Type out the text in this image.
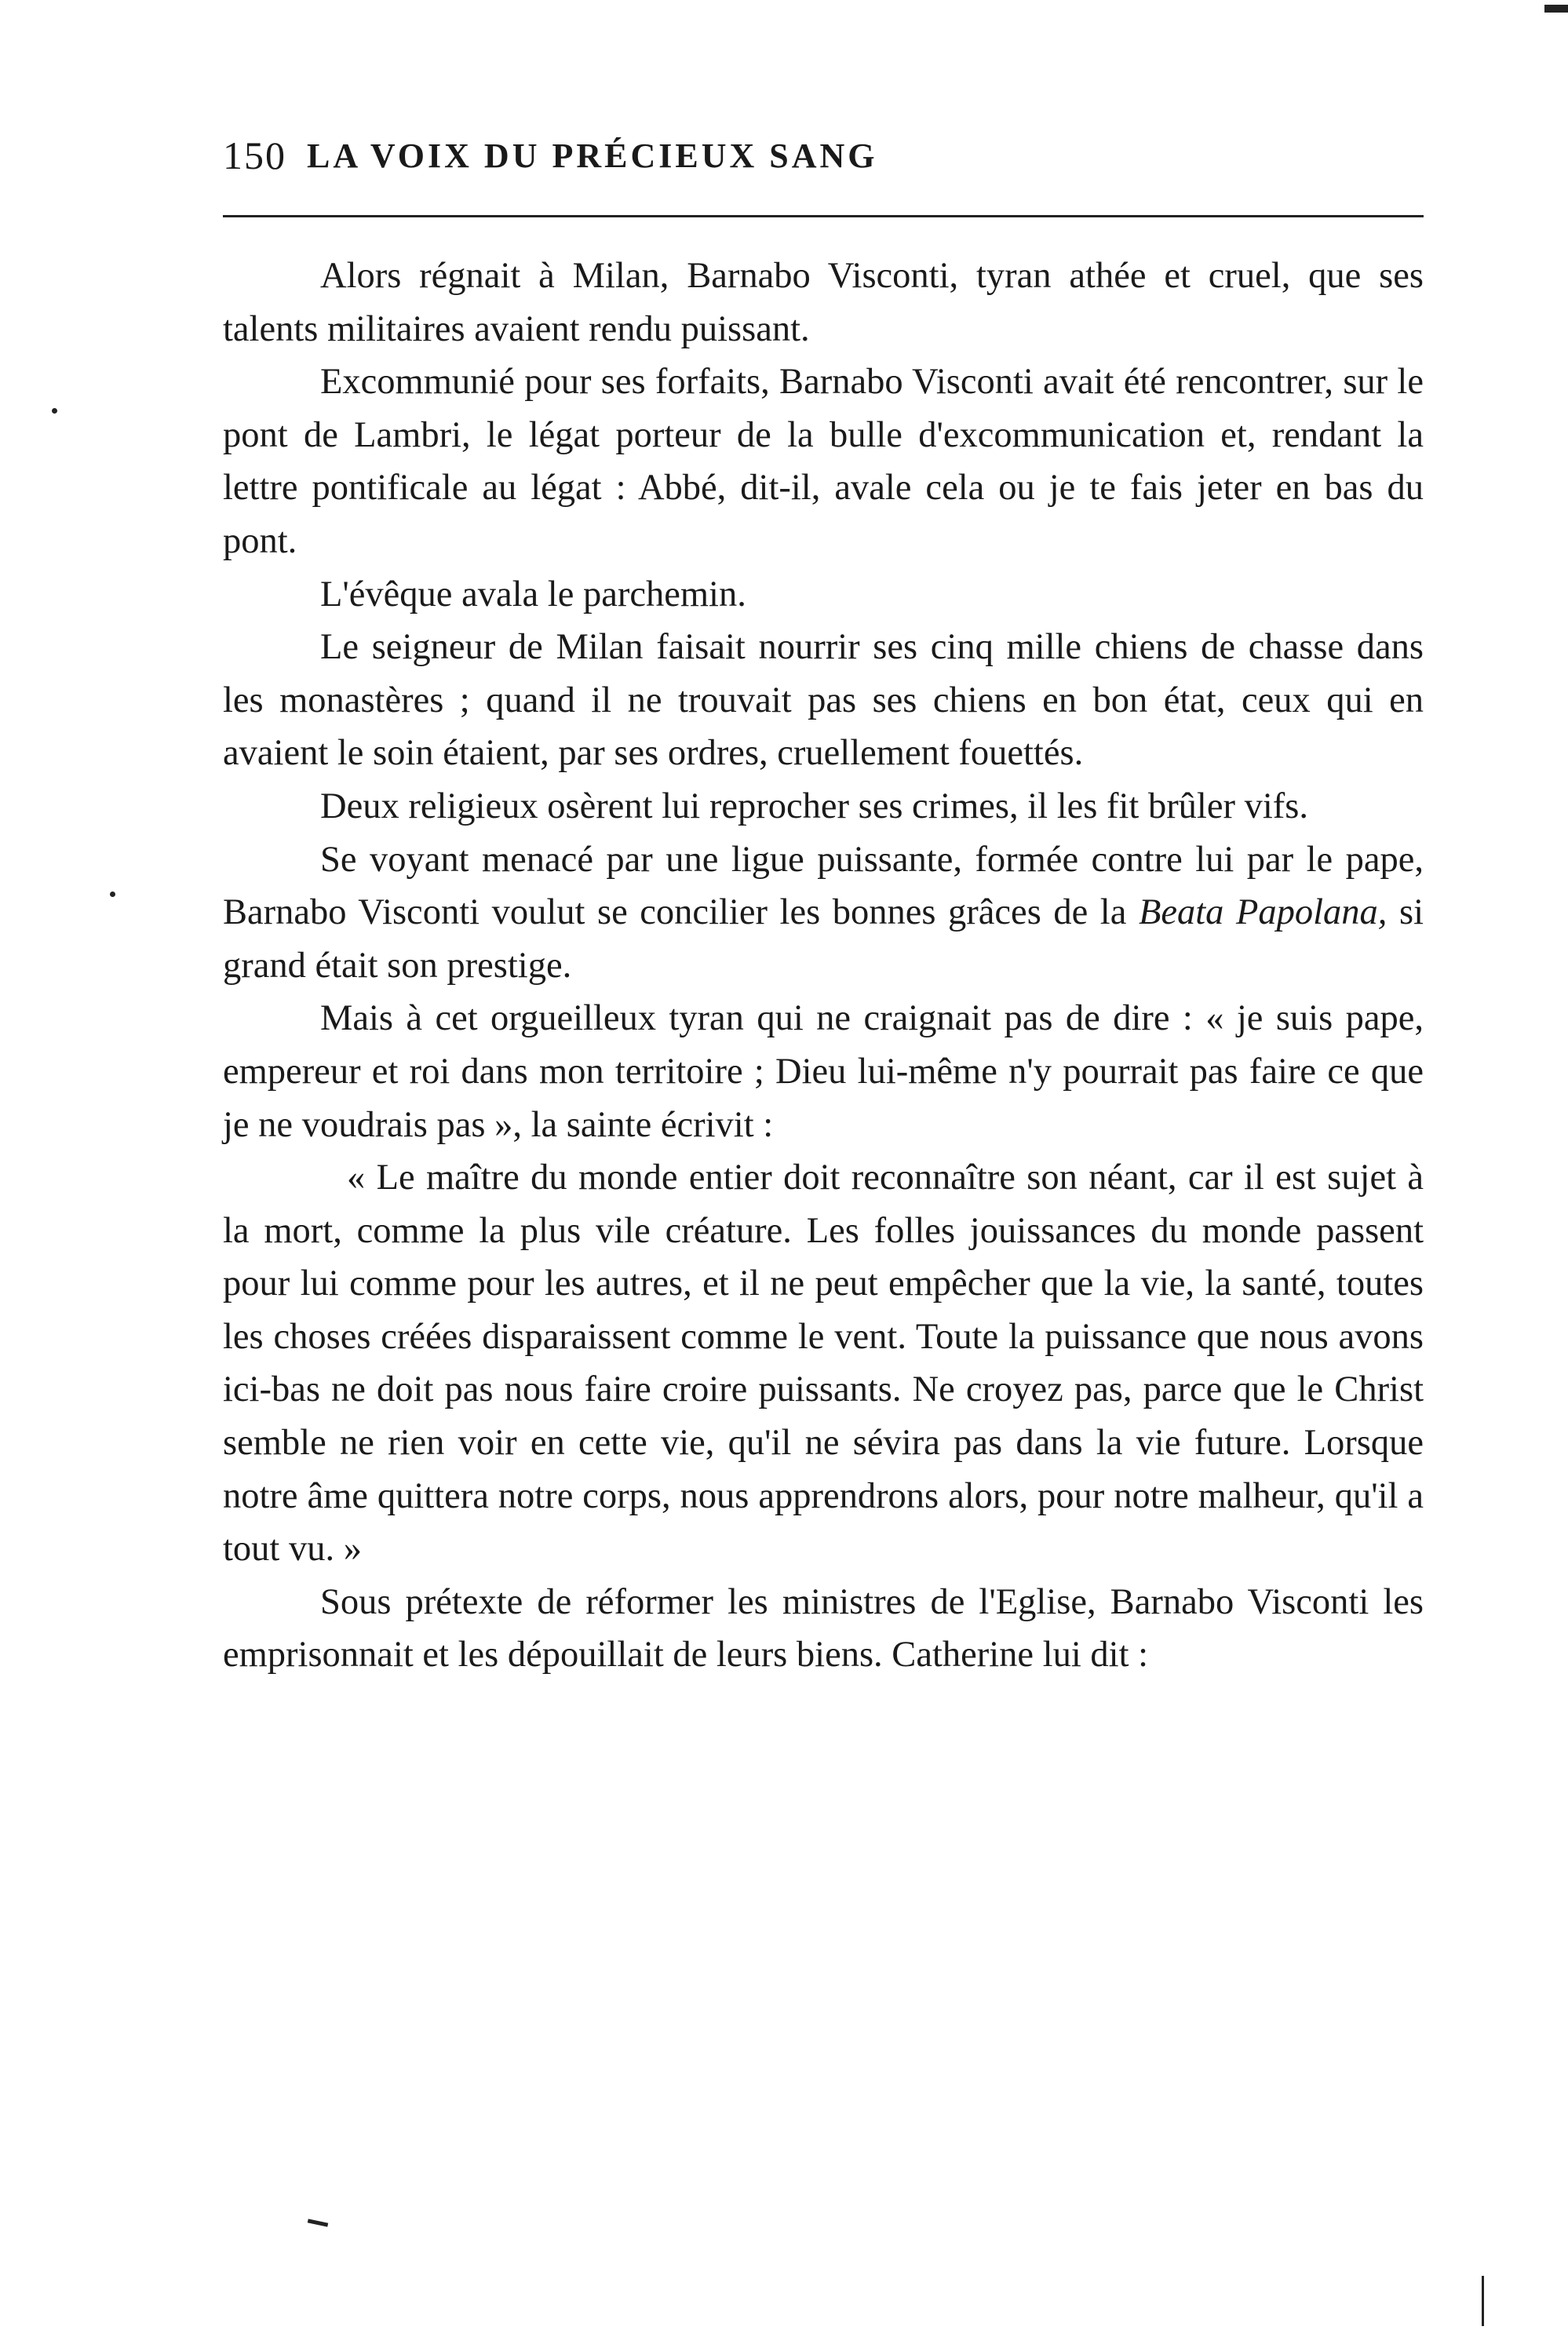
150 LA VOIX DU PRÉCIEUX SANG

Alors régnait à Milan, Barnabo Visconti, tyran athée et cruel, que ses talents militaires avaient rendu puissant.

Excommunié pour ses forfaits, Barnabo Visconti avait été rencontrer, sur le pont de Lambri, le légat porteur de la bulle d'excommunication et, rendant la lettre pontificale au légat : Abbé, dit-il, avale cela ou je te fais jeter en bas du pont.

L'évêque avala le parchemin.

Le seigneur de Milan faisait nourrir ses cinq mille chiens de chasse dans les monastères ; quand il ne trouvait pas ses chiens en bon état, ceux qui en avaient le soin étaient, par ses ordres, cruellement fouettés.

Deux religieux osèrent lui reprocher ses crimes, il les fit brûler vifs.

Se voyant menacé par une ligue puissante, formée contre lui par le pape, Barnabo Visconti voulut se concilier les bonnes grâces de la Beata Papolana, si grand était son prestige.

Mais à cet orgueilleux tyran qui ne craignait pas de dire : « je suis pape, empereur et roi dans mon territoire ; Dieu lui-même n'y pourrait pas faire ce que je ne voudrais pas », la sainte écrivit :

« Le maître du monde entier doit reconnaître son néant, car il est sujet à la mort, comme la plus vile créature. Les folles jouissances du monde passent pour lui comme pour les autres, et il ne peut empêcher que la vie, la santé, toutes les choses créées disparaissent comme le vent. Toute la puissance que nous avons ici-bas ne doit pas nous faire croire puissants. Ne croyez pas, parce que le Christ semble ne rien voir en cette vie, qu'il ne sévira pas dans la vie future. Lorsque notre âme quittera notre corps, nous apprendrons alors, pour notre malheur, qu'il a tout vu. »

Sous prétexte de réformer les ministres de l'Eglise, Barnabo Visconti les emprisonnait et les dépouillait de leurs biens. Catherine lui dit :
